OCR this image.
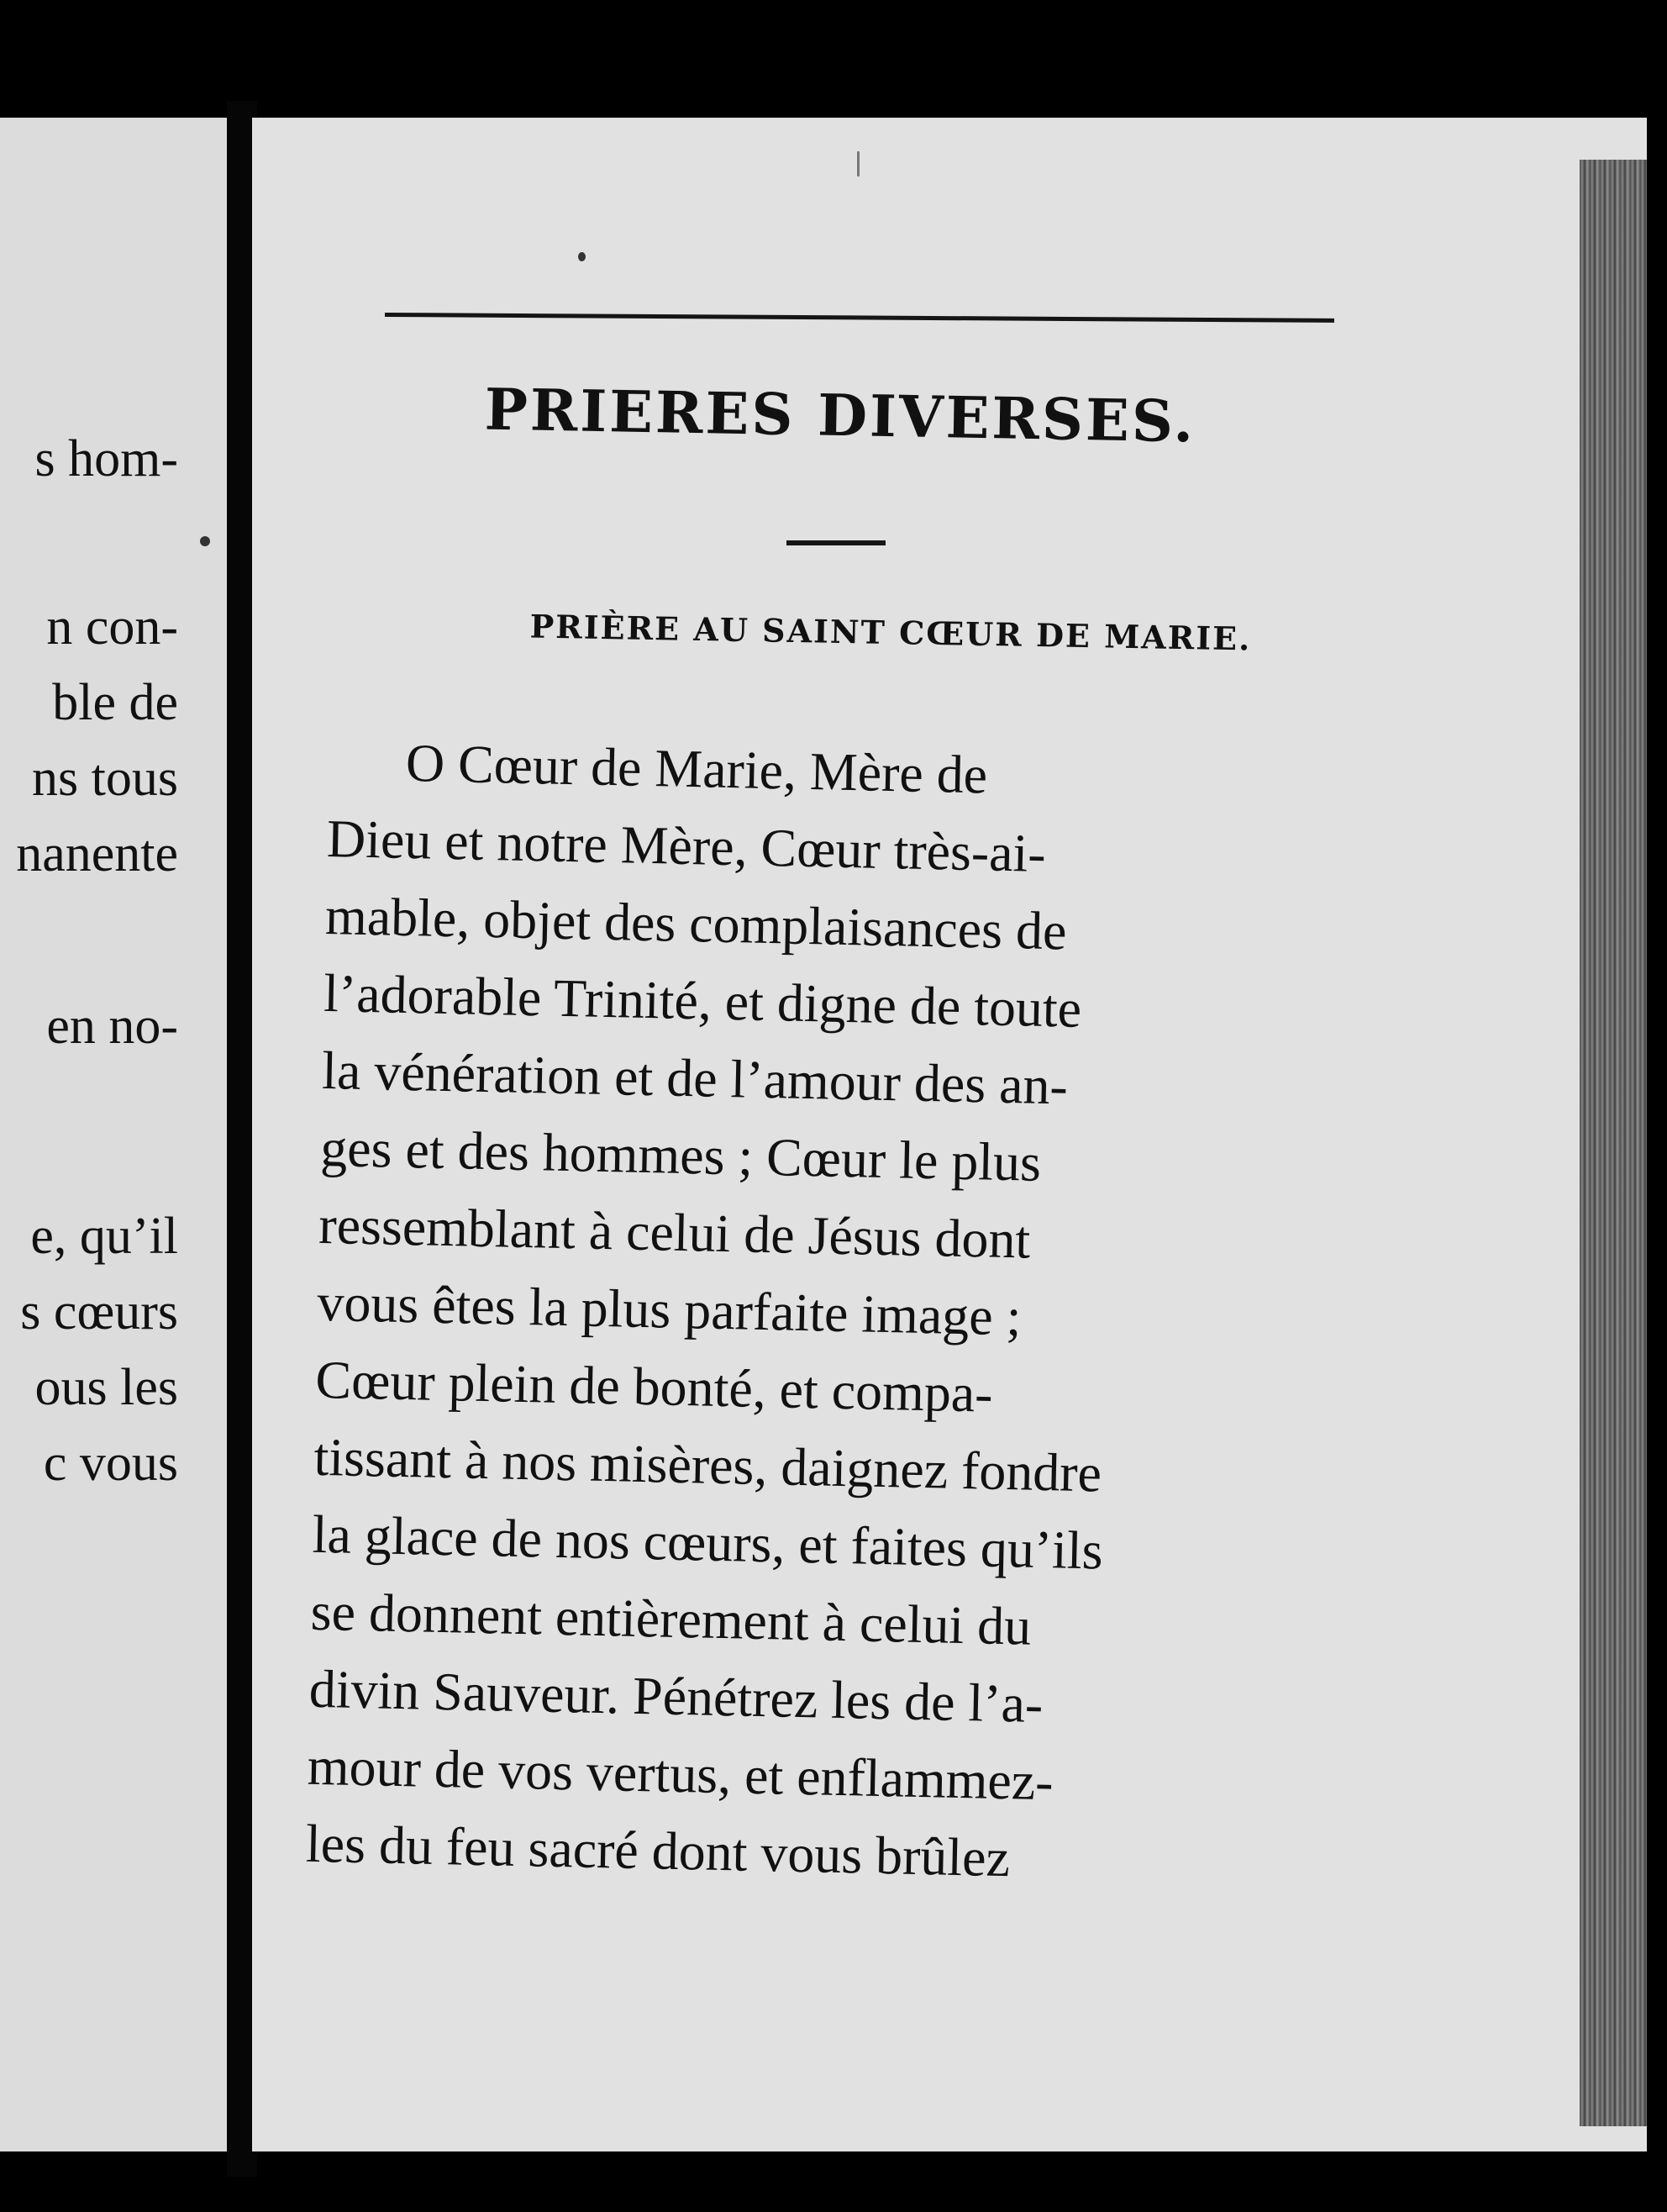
s hom-
n con-
ble de
ns tous
nanente
en no-
e, qu’il
s cœurs
ous les
c vous
PRIERES DIVERSES.
PRIÈRE AU SAINT CŒUR DE MARIE.
O Cœur de Marie, Mère de
Dieu et notre Mère, Cœur très-ai-
mable, objet des complaisances de
l’adorable Trinité, et digne de toute
la vénération et de l’amour des an-
ges et des hommes ; Cœur le plus
ressemblant à celui de Jésus dont
vous êtes la plus parfaite image ;
Cœur plein de bonté, et compa-
tissant à nos misères, daignez fondre
la glace de nos cœurs, et faites qu’ils
se donnent entièrement à celui du
divin Sauveur. Pénétrez les de l’a-
mour de vos vertus, et enflammez-
les du feu sacré dont vous brûlez
